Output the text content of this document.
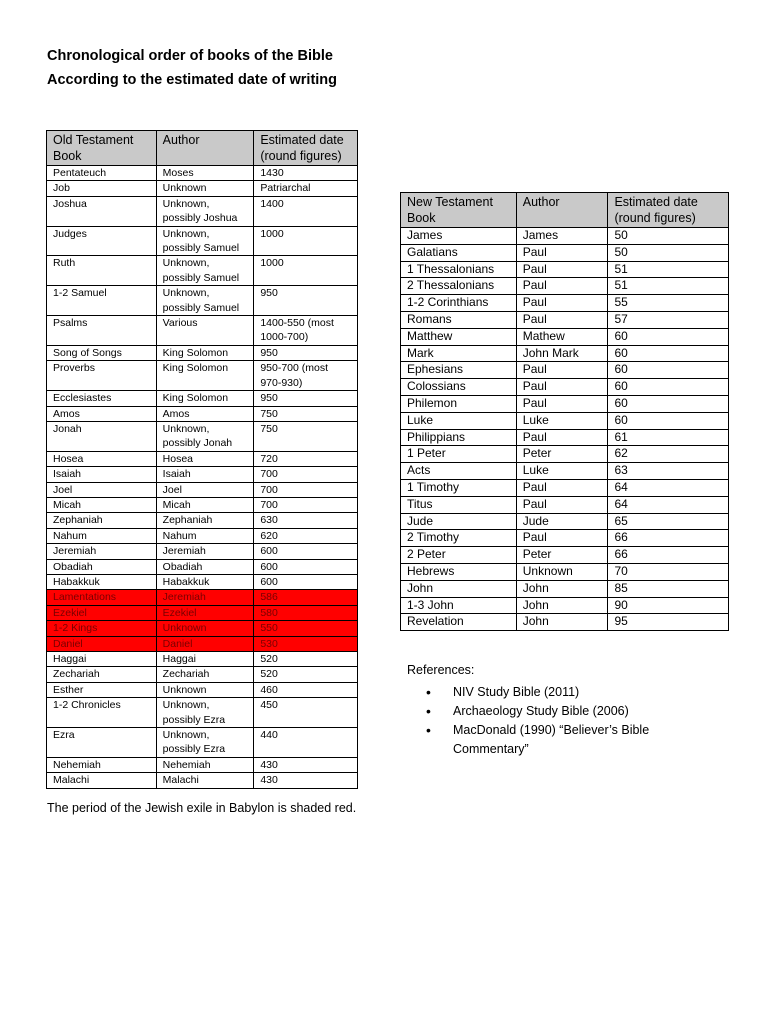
Chronological order of books of the Bible
According to the estimated date of writing
Old Testament Book	Author	Estimated date (round figures)
Pentateuch	Moses	1430
Job	Unknown	Patriarchal
Joshua	Unknown, possibly Joshua	1400
Judges	Unknown, possibly Samuel	1000
Ruth	Unknown, possibly Samuel	1000
1-2 Samuel	Unknown, possibly Samuel	950
Psalms	Various	1400-550 (most 1000-700)
Song of Songs	King Solomon	950
Proverbs	King Solomon	950-700 (most 970-930)
Ecclesiastes	King Solomon	950
Amos	Amos	750
Jonah	Unknown, possibly Jonah	750
Hosea	Hosea	720
Isaiah	Isaiah	700
Joel	Joel	700
Micah	Micah	700
Zephaniah	Zephaniah	630
Nahum	Nahum	620
Jeremiah	Jeremiah	600
Obadiah	Obadiah	600
Habakkuk	Habakkuk	600
Lamentations	Jeremiah	586
Ezekiel	Ezekiel	580
1-2 Kings	Unknown	550
Daniel	Daniel	530
Haggai	Haggai	520
Zechariah	Zechariah	520
Esther	Unknown	460
1-2 Chronicles	Unknown, possibly Ezra	450
Ezra	Unknown, possibly Ezra	440
Nehemiah	Nehemiah	430
Malachi	Malachi	430
New Testament Book	Author	Estimated date (round figures)
James	James	50
Galatians	Paul	50
1 Thessalonians	Paul	51
2 Thessalonians	Paul	51
1-2 Corinthians	Paul	55
Romans	Paul	57
Matthew	Mathew	60
Mark	John Mark	60
Ephesians	Paul	60
Colossians	Paul	60
Philemon	Paul	60
Luke	Luke	60
Philippians	Paul	61
1 Peter	Peter	62
Acts	Luke	63
1 Timothy	Paul	64
Titus	Paul	64
Jude	Jude	65
2 Timothy	Paul	66
2 Peter	Peter	66
Hebrews	Unknown	70
John	John	85
1-3 John	John	90
Revelation	John	95
The period of the Jewish exile in Babylon is shaded red.
References:
• NIV Study Bible (2011)
• Archaeology Study Bible (2006)
• MacDonald (1990) “Believer’s Bible Commentary”
